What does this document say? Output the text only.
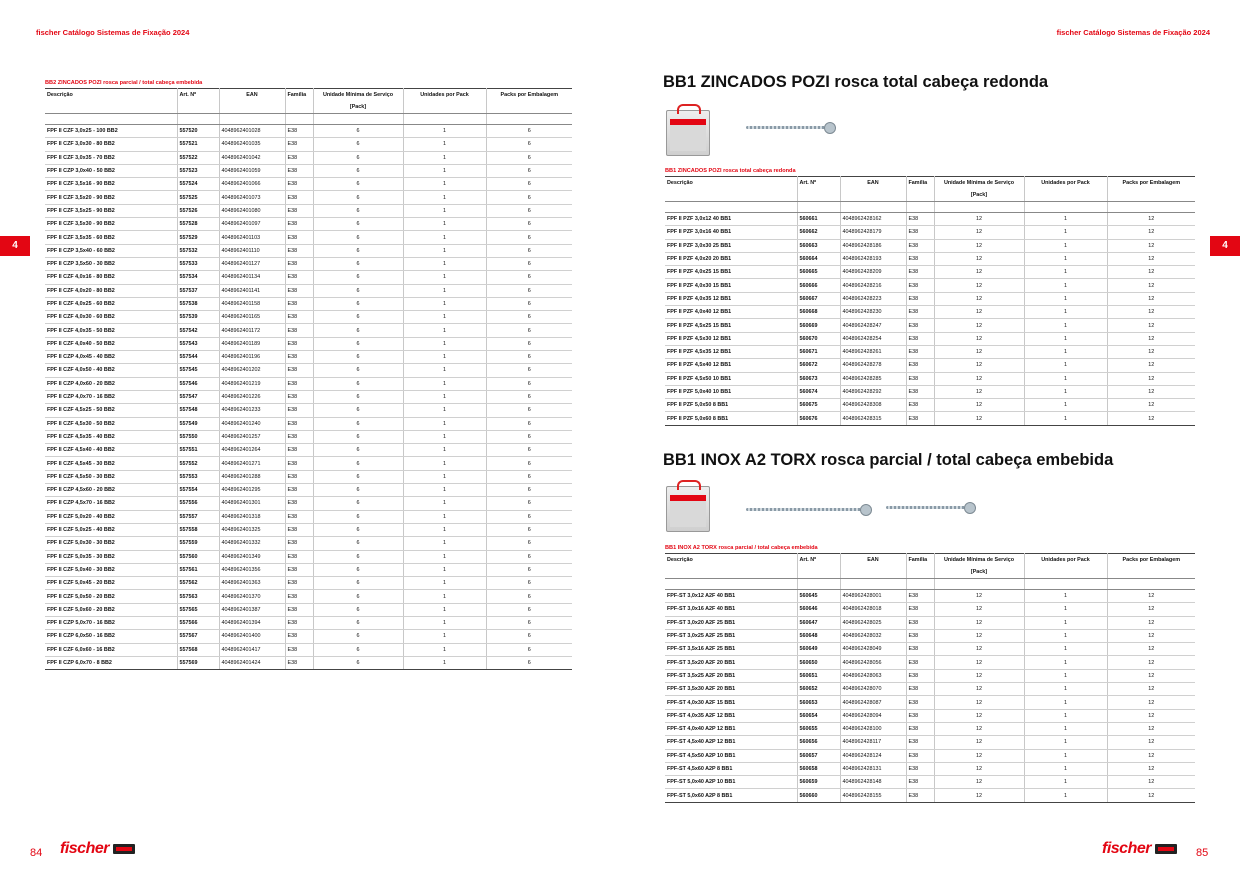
fischer Catálogo Sistemas de Fixação 2024	fischer Catálogo Sistemas de Fixação 2024
4	4
BB2 ZINCADOS POZI rosca parcial / total cabeça embebida
Descrição	Art. Nº	EAN	Família	Unidade Mínima de Serviço	Unidades por Pack	Packs por Embalagem
				[Pack]		

FPF II CZF 3,0x25 - 100 BB2	557520	4048962401028	E38	6	1	6
FPF II CZF 3,0x30 - 80 BB2	557521	4048962401035	E38	6	1	6
FPF II CZF 3,0x35 - 70 BB2	557522	4048962401042	E38	6	1	6
FPF II CZP 3,0x40 - 50 BB2	557523	4048962401059	E38	6	1	6
FPF II CZF 3,5x16 - 90 BB2	557524	4048962401066	E38	6	1	6
FPF II CZF 3,5x20 - 90 BB2	557525	4048962401073	E38	6	1	6
FPF II CZF 3,5x25 - 90 BB2	557526	4048962401080	E38	6	1	6
FPF II CZF 3,5x30 - 90 BB2	557528	4048962401097	E38	6	1	6
FPF II CZF 3,5x35 - 60 BB2	557529	4048962401103	E38	6	1	6
FPF II CZP 3,5x40 - 60 BB2	557532	4048962401110	E38	6	1	6
FPF II CZP 3,5x50 - 30 BB2	557533	4048962401127	E38	6	1	6
FPF II CZF 4,0x16 - 80 BB2	557534	4048962401134	E38	6	1	6
FPF II CZF 4,0x20 - 80 BB2	557537	4048962401141	E38	6	1	6
FPF II CZF 4,0x25 - 60 BB2	557538	4048962401158	E38	6	1	6
FPF II CZF 4,0x30 - 60 BB2	557539	4048962401165	E38	6	1	6
FPF II CZF 4,0x35 - 50 BB2	557542	4048962401172	E38	6	1	6
FPF II CZF 4,0x40 - 50 BB2	557543	4048962401189	E38	6	1	6
FPF II CZP 4,0x45 - 40 BB2	557544	4048962401196	E38	6	1	6
FPF II CZF 4,0x50 - 40 BB2	557545	4048962401202	E38	6	1	6
FPF II CZP 4,0x60 - 20 BB2	557546	4048962401219	E38	6	1	6
FPF II CZP 4,0x70 - 16 BB2	557547	4048962401226	E38	6	1	6
FPF II CZF 4,5x25 - 50 BB2	557548	4048962401233	E38	6	1	6
FPF II CZF 4,5x30 - 50 BB2	557549	4048962401240	E38	6	1	6
FPF II CZF 4,5x35 - 40 BB2	557550	4048962401257	E38	6	1	6
FPF II CZF 4,5x40 - 40 BB2	557551	4048962401264	E38	6	1	6
FPF II CZF 4,5x45 - 30 BB2	557552	4048962401271	E38	6	1	6
FPF II CZF 4,5x50 - 30 BB2	557553	4048962401288	E38	6	1	6
FPF II CZP 4,5x60 - 20 BB2	557554	4048962401295	E38	6	1	6
FPF II CZP 4,5x70 - 16 BB2	557556	4048962401301	E38	6	1	6
FPF II CZF 5,0x20 - 40 BB2	557557	4048962401318	E38	6	1	6
FPF II CZF 5,0x25 - 40 BB2	557558	4048962401325	E38	6	1	6
FPF II CZF 5,0x30 - 30 BB2	557559	4048962401332	E38	6	1	6
FPF II CZF 5,0x35 - 30 BB2	557560	4048962401349	E38	6	1	6
FPF II CZF 5,0x40 - 30 BB2	557561	4048962401356	E38	6	1	6
FPF II CZF 5,0x45 - 20 BB2	557562	4048962401363	E38	6	1	6
FPF II CZF 5,0x50 - 20 BB2	557563	4048962401370	E38	6	1	6
FPF II CZF 5,0x60 - 20 BB2	557565	4048962401387	E38	6	1	6
FPF II CZP 5,0x70 - 16 BB2	557566	4048962401394	E38	6	1	6
FPF II CZP 6,0x50 - 16 BB2	557567	4048962401400	E38	6	1	6
FPF II CZF 6,0x60 - 16 BB2	557568	4048962401417	E38	6	1	6
FPF II CZP 6,0x70 - 8 BB2	557569	4048962401424	E38	6	1	6
BB1 ZINCADOS POZI rosca total cabeça redonda
BB1 ZINCADOS POZI rosca total cabeça redonda
Descrição	Art. Nº	EAN	Família	Unidade Mínima de Serviço	Unidades por Pack	Packs por Embalagem
				[Pack]		

FPF II PZF 3,0x12 40 BB1	560661	4048962428162	E38	12	1	12
FPF II PZF 3,0x16 40 BB1	560662	4048962428179	E38	12	1	12
FPF II PZF 3,0x30 25 BB1	560663	4048962428186	E38	12	1	12
FPF II PZF 4,0x20 20 BB1	560664	4048962428193	E38	12	1	12
FPF II PZF 4,0x25 15 BB1	560665	4048962428209	E38	12	1	12
FPF II PZF 4,0x30 15 BB1	560666	4048962428216	E38	12	1	12
FPF II PZF 4,0x35 12 BB1	560667	4048962428223	E38	12	1	12
FPF II PZF 4,0x40 12 BB1	560668	4048962428230	E38	12	1	12
FPF II PZF 4,5x25 15 BB1	560669	4048962428247	E38	12	1	12
FPF II PZF 4,5x30 12 BB1	560670	4048962428254	E38	12	1	12
FPF II PZF 4,5x35 12 BB1	560671	4048962428261	E38	12	1	12
FPF II PZF 4,5x40 12 BB1	560672	4048962428278	E38	12	1	12
FPF II PZF 4,5x50 10 BB1	560673	4048962428285	E38	12	1	12
FPF II PZF 5,0x40 10 BB1	560674	4048962428292	E38	12	1	12
FPF II PZF 5,0x50 8 BB1	560675	4048962428308	E38	12	1	12
FPF II PZF 5,0x60 8 BB1	560676	4048962428315	E38	12	1	12
BB1 INOX A2 TORX rosca parcial / total cabeça embebida
BB1 INOX A2 TORX rosca parcial / total cabeça embebida
Descrição	Art. Nº	EAN	Família	Unidade Mínima de Serviço	Unidades por Pack	Packs por Embalagem
				[Pack]		

FPF-ST 3,0x12 A2F 40 BB1	560645	4048962428001	E38	12	1	12
FPF-ST 3,0x16 A2F 40 BB1	560646	4048962428018	E38	12	1	12
FPF-ST 3,0x20 A2F 25 BB1	560647	4048962428025	E38	12	1	12
FPF-ST 3,0x25 A2F 25 BB1	560648	4048962428032	E38	12	1	12
FPF-ST 3,5x16 A2F 25 BB1	560649	4048962428049	E38	12	1	12
FPF-ST 3,5x20 A2F 20 BB1	560650	4048962428056	E38	12	1	12
FPF-ST 3,5x25 A2F 20 BB1	560651	4048962428063	E38	12	1	12
FPF-ST 3,5x30 A2F 20 BB1	560652	4048962428070	E38	12	1	12
FPF-ST 4,0x30 A2F 15 BB1	560653	4048962428087	E38	12	1	12
FPF-ST 4,0x35 A2F 12 BB1	560654	4048962428094	E38	12	1	12
FPF-ST 4,0x40 A2P 12 BB1	560655	4048962428100	E38	12	1	12
FPF-ST 4,5x40 A2P 12 BB1	560656	4048962428117	E38	12	1	12
FPF-ST 4,5x50 A2P 10 BB1	560657	4048962428124	E38	12	1	12
FPF-ST 4,5x60 A2P 8 BB1	560658	4048962428131	E38	12	1	12
FPF-ST 5,0x40 A2P 10 BB1	560659	4048962428148	E38	12	1	12
FPF-ST 5,0x60 A2P 8 BB1	560660	4048962428155	E38	12	1	12
84 fischer	fischer	85
